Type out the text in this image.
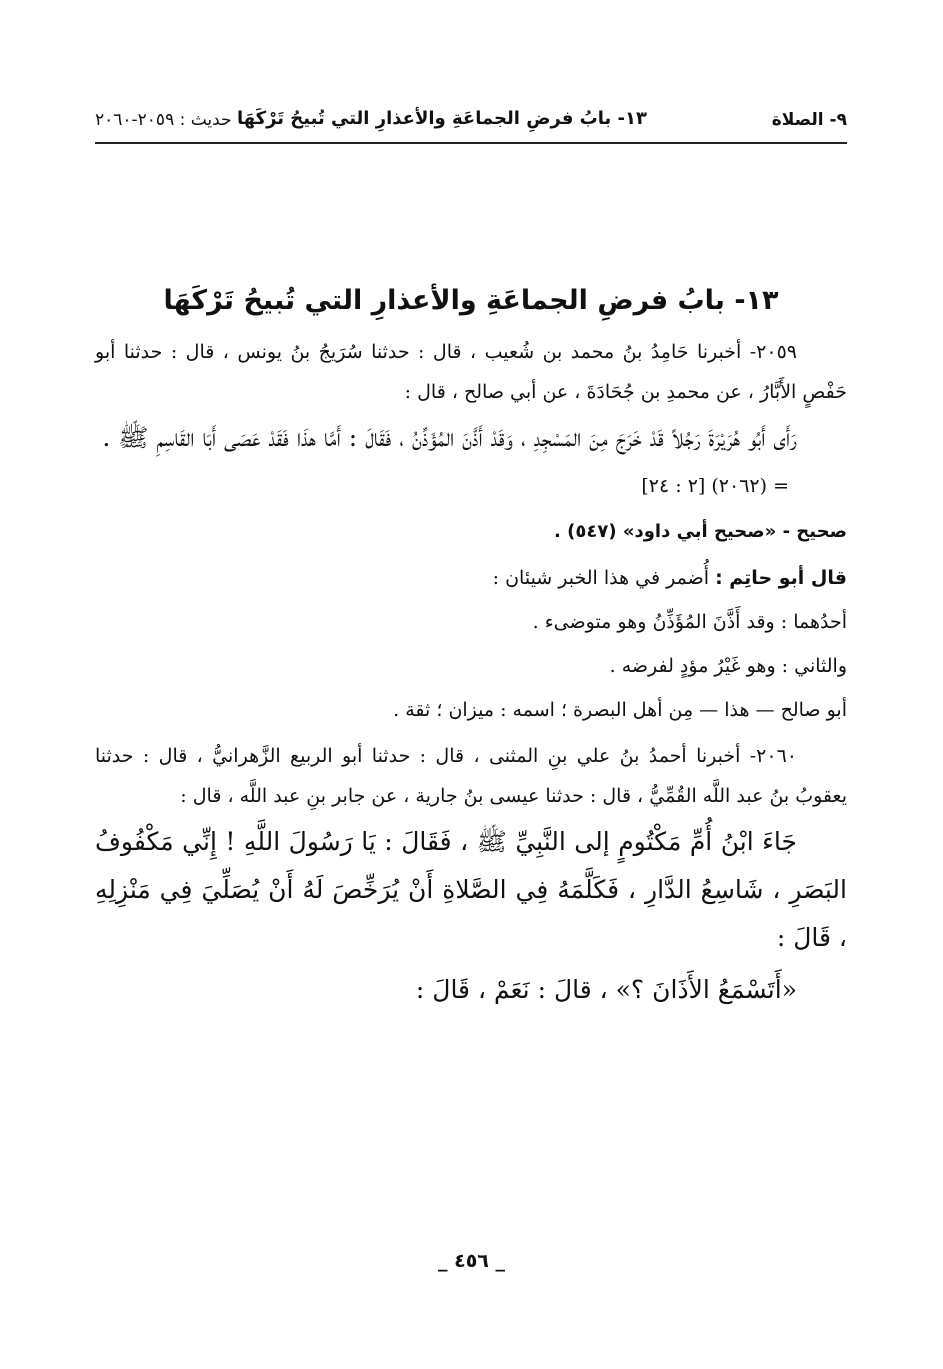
٩- الصلاة
١٣- بابُ فرضِ الجماعَةِ والأعذارِ التي تُبيحُ تَرْكَهَا
حديث : ٢٠٥٩-٢٠٦٠
١٣- بابُ فرضِ الجماعَةِ والأعذارِ التي تُبيحُ تَرْكَهَا

٢٠٥٩- أخبرنا حَامِدُ بنُ محمد بن شُعيب ، قال : حدثنا سُرَيجُ بنُ يونس ، قال : حدثنا أبو حَفْصٍ الأَبَّارُ ، عن محمدِ بن جُحَادَةَ ، عن أبي صالح ، قال :

رَأَى أَبُو هُرَيْرَةَ رَجُلاً قَدْ خَرَجَ مِنَ المَسْجِدِ ، وَقَدْ أَذَّنَ المُؤَذِّنُ ، فَقَالَ : أَمَّا هذَا فَقَدْ عَصَى أَبَا القَاسِمِ ﷺ .

= (٢٠٦٢) [٢ : ٢٤]

صحيح - «صحيح أبي داود» (٥٤٧) .

قال أبو حاتِم : أُضمر في هذا الخبر شيئان :

أحدُهما : وقد أَذَّنَ المُؤَذِّنُ وهو متوضىء .

والثاني : وهو غَيْرُ مؤدٍ لفرضه .

أبو صالح — هذا — مِن أهل البصرة ؛ اسمه : ميزان ؛ ثقة .

٢٠٦٠- أخبرنا أحمدُ بنُ علي بنِ المثنى ، قال : حدثنا أبو الربيع الزَّهرانيُّ ، قال : حدثنا يعقوبُ بنُ عبد اللَّه القُمِّيُّ ، قال : حدثنا عيسى بنُ جارية ، عن جابر بنِ عبد اللَّه ، قال :

جَاءَ ابْنُ أُمِّ مَكْتُومٍ إلى النَّبِيِّ ﷺ ، فَقَالَ : يَا رَسُولَ اللَّهِ ! إِنِّي مَكْفُوفُ البَصَرِ ، شَاسِعُ الدَّارِ ، فَكَلَّمَهُ فِي الصَّلاةِ أَنْ يُرَخِّصَ لَهُ أَنْ يُصَلِّيَ فِي مَنْزِلِهِ ، قَالَ :

«أَتَسْمَعُ الأَذَانَ ؟» ، قالَ : نَعَمْ ، قَالَ :

_ ٤٥٦ _
